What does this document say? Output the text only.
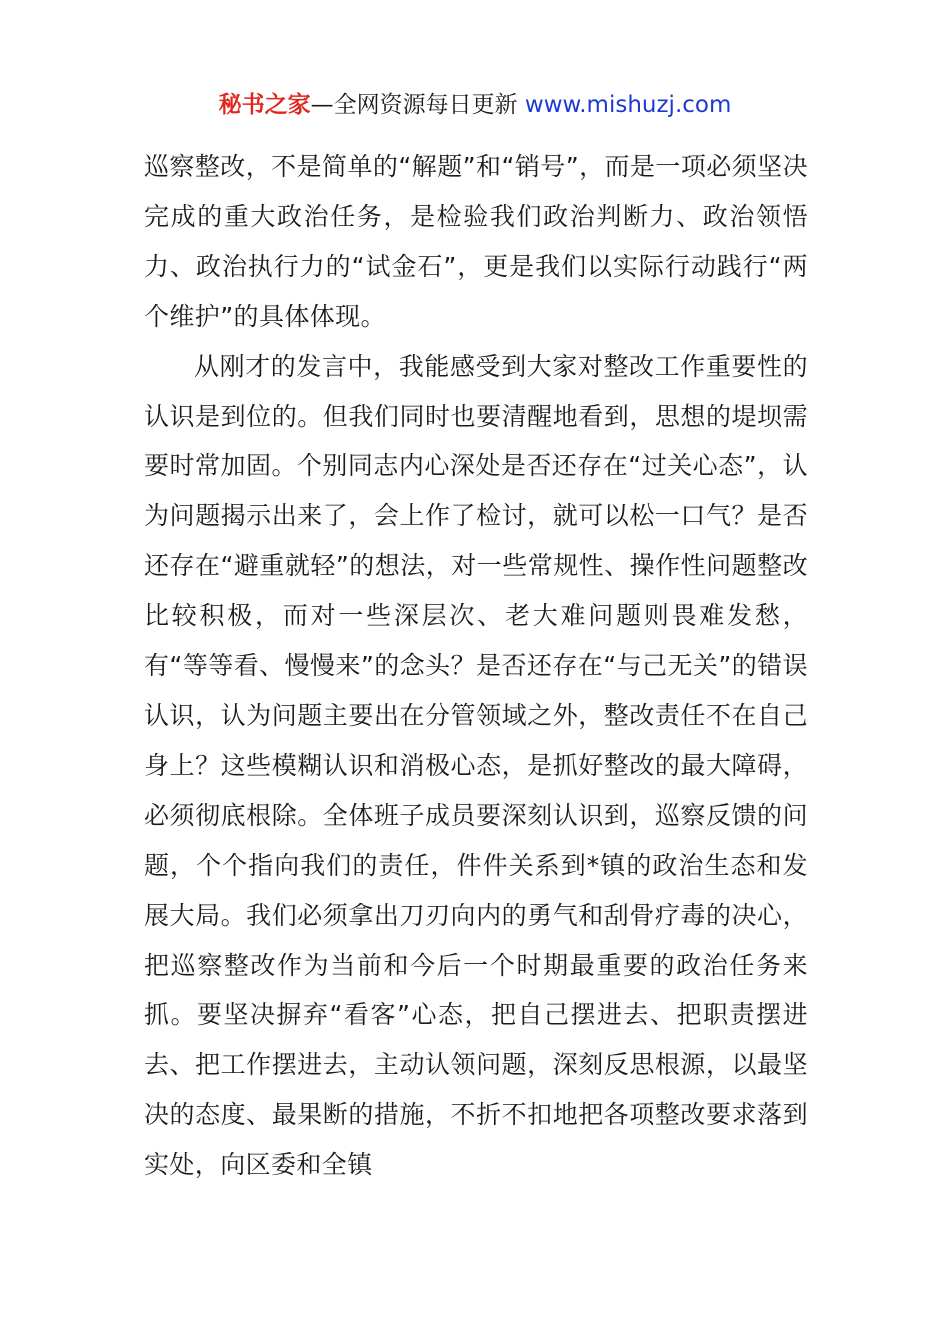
秘书之家—全网资源每日更新 www.mishuzj.com

巡察整改，不是简单的“解题”和“销号”，而是一项必须坚决完成的重大政治任务，是检验我们政治判断力、政治领悟力、政治执行力的“试金石”，更是我们以实际行动践行“两个维护”的具体体现。

从刚才的发言中，我能感受到大家对整改工作重要性的认识是到位的。但我们同时也要清醒地看到，思想的堤坝需要时常加固。个别同志内心深处是否还存在“过关心态”，认为问题揭示出来了，会上作了检讨，就可以松一口气？是否还存在“避重就轻”的想法，对一些常规性、操作性问题整改比较积极，而对一些深层次、老大难问题则畏难发愁，有“等等看、慢慢来”的念头？是否还存在“与己无关”的错误认识，认为问题主要出在分管领域之外，整改责任不在自己身上？这些模糊认识和消极心态，是抓好整改的最大障碍，必须彻底根除。全体班子成员要深刻认识到，巡察反馈的问题，个个指向我们的责任，件件关系到*镇的政治生态和发展大局。我们必须拿出刀刃向内的勇气和刮骨疗毒的决心，把巡察整改作为当前和今后一个时期最重要的政治任务来抓。要坚决摒弃“看客”心态，把自己摆进去、把职责摆进去、把工作摆进去，主动认领问题，深刻反思根源，以最坚决的态度、最果断的措施，不折不扣地把各项整改要求落到实处，向区委和全镇
